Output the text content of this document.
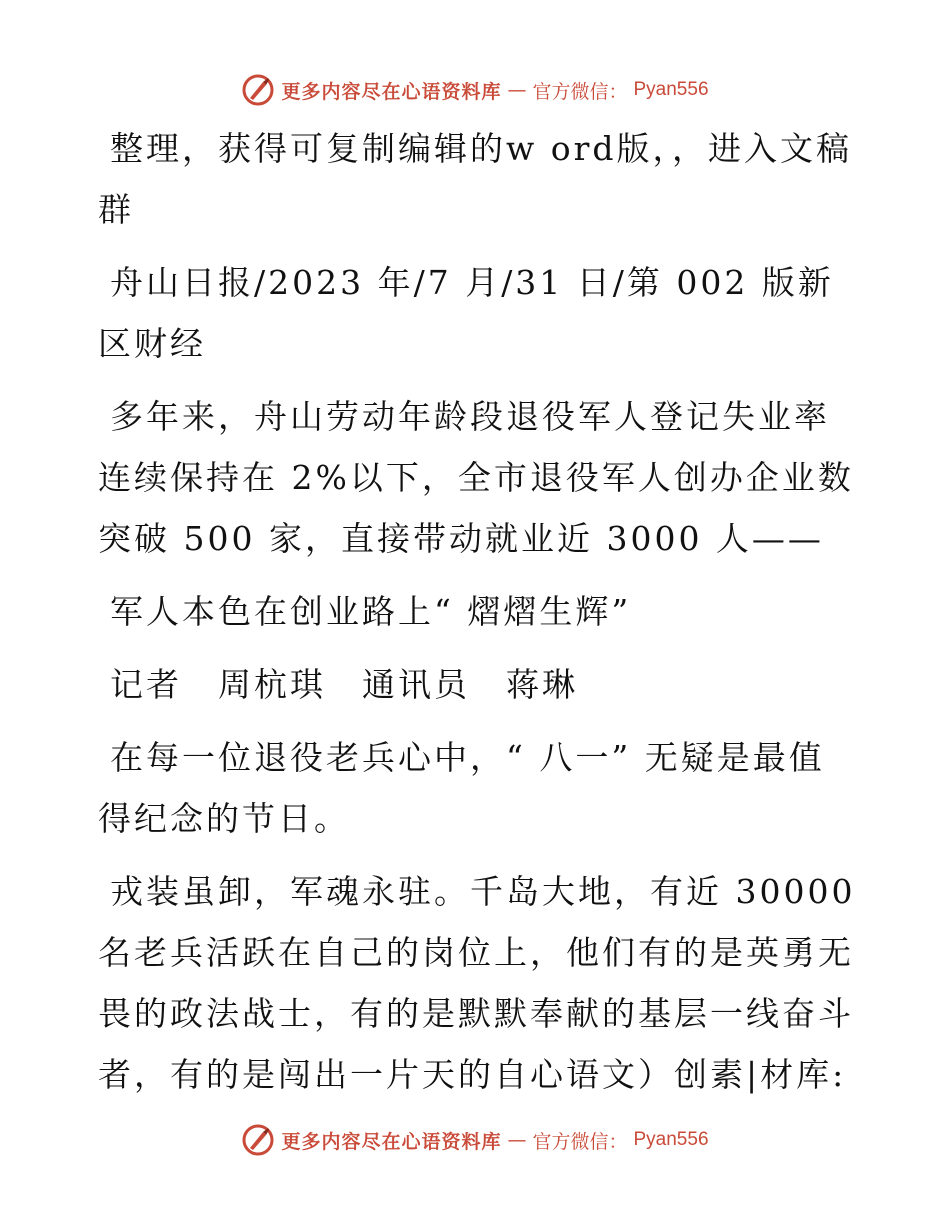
更多内容尽在心语资料库 — 官方微信： Pyan556

整理，获得可复制编辑的w ord版，，进入文稿群

舟山日报/2023 年/7 月/31 日/第 002 版新区财经

多年来，舟山劳动年龄段退役军人登记失业率连续保持在 2%以下，全市退役军人创办企业数突破 500 家，直接带动就业近 3000 人——

军人本色在创业路上“ 熠熠生辉”

记者　周杭琪　通讯员　蒋琳

在每一位退役老兵心中，“ 八一” 无疑是最值得纪念的节日。

戎装虽卸，军魂永驻。千岛大地，有近 30000 名老兵活跃在自己的岗位上，他们有的是英勇无畏的政法战士，有的是默默奉献的基层一线奋斗者，有的是闯出一片天的自心语文）创素|材库:

更多内容尽在心语资料库 — 官方微信： Pyan556
